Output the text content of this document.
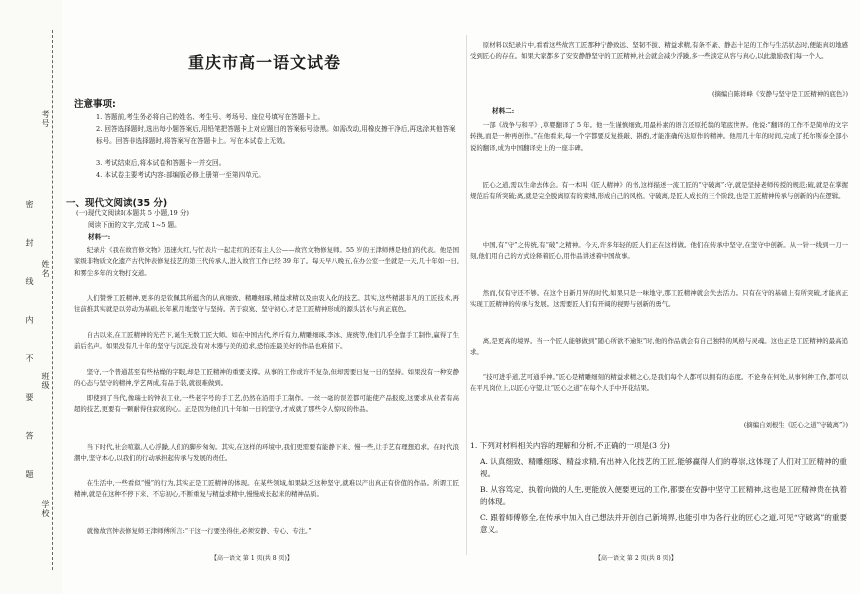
考号
姓名
班级
学校
密 封 线 内 不 要 答 题
重庆市高一语文试卷
注意事项:
1. 答题前,考生务必将自己的姓名、考生号、考场号、座位号填写在答题卡上。
2. 回答选择题时,选出每小题答案后,用铅笔把答题卡上对应题目的答案标号涂黑。如需改动,用橡皮擦干净后,再选涂其他答案标号。回答非选择题时,将答案写在答题卡上。写在本试卷上无效。
3. 考试结束后,将本试卷和答题卡一并交回。
4. 本试卷主要考试内容:部编版必修上册第一至第四单元。
一、现代文阅读(35 分)
(一)现代文阅读Ⅰ(本题共 5 小题,19 分)
阅读下面的文字,完成 1~5 题。
材料一:

纪录片《我在故宫修文物》迅速火红,与忙表片一起走红的还有主人公——故宫文物修复师。55 岁的王津师傅是他们的代表。他是国家级非物质文化遗产古代钟表修复技艺的第三代传承人,进入故宫工作已经 39 年了。每天早八晚五,在办公室一坐就是一天,几十年如一日,和雾尘多年的文物打交道。

人们赞誉工匠精神,更多的是钦佩其所蕴含的认真细致、精雕细琢,精益求精以及由衷入化的技艺。其实,这些精湛非凡的工匠技术,再往前推其实就是以劳动为基础,长年累月地坚守与坚持。苦于寂寞、坚守初心,才是工匠精神形成的源头活水与真正底色。

自古以来,在工匠精神的光芒下,诞生无数工匠大师。如在中国古代,斧斤有力,精雕细琢,李冰、庞统等,他们几乎全靠手工制作,赢得了生前后名声。如果没有几十年的坚守与沉淀,没有对木器与美的追求,恐怕连最美好的作品也难留下。

坚守,一个普通甚至有些枯燥的字眼,却是工匠精神的重要支撑。从事的工作或许不复杂,但却需要日复一日的坚持。如果没有一种安静的心态与坚守的精神,学艺两成,有品于装,就很难做到。

即使到了当代,像瑞士的钟表工业,一些老字号的手工艺,仍然在沿用手工制作。一丝一毫的误差都可能使产品报废,这要求从业者有高超的技艺,更要有一颗耐得住寂寞的心。正是因为他们几十年如一日的坚守,才成就了那些令人惊叹的作品。

当下时代,社会喧嚣,人心浮躁,人们的脚步匆匆。其实,在这样的环境中,我们更需要有能静下来、慢一些,让手艺有理想追求。在时代浪潮中,坚守本心,以我们的行动承担起传承与发展的责任。

在生活中,一些看似“慢”的行为,其实正是工匠精神的体现。在某些领域,如果缺乏这种坚守,就难以产出真正有价值的作品。所谓工匠精神,就是在这种不停下来、不忘初心,不断重复与精益求精中,慢慢成长起来的精神品质。

就像故宫钟表修复师王津师傅所言:“干这一行要坐得住,必须安静、专心、专注。”

【高一语文 第 1 页(共 8 页)】

原材料以纪录片中,看看这些故宫工匠那种宁静致远、坚韧不拔、精益求精,有条不紊、静态十足的工作与生活状态时,便能真切地感受到匠心的存在。如果大家都多了安安静静坚守的工匠精神,社会就会减少浮躁,多一些淡定从容与真心,以此激励我们每一个人。

(摘编自陈祥峰《安静与坚守是工匠精神的底色》)

材料二:

一部《战争与和平》,草婴翻译了 5 年。他一生谨慎细致,用最朴素的语言还原托翁的笔底世界。他说:“翻译的工作不是简单的文字转换,而是一种再创作。”在他看来,每一个字都要反复推敲、斟酌,才能准确传达原作的精神。他用几十年的时间,完成了托尔斯泰全部小说的翻译,成为中国翻译史上的一座丰碑。

匠心之道,需以生命去体会。有一本叫《匠人精神》的书,这样描述一流工匠的“守破离”:守,就是坚持老师传授的规范;破,就是在掌握规范后有所突破;离,就是完全脱离原有的束缚,形成自己的风格。守破离,是匠人成长的三个阶段,也是工匠精神传承与创新的内在逻辑。

中国,有“守”之传统,有“破”之精神。今天,许多年轻的匠人们正在这样做。他们在传承中坚守,在坚守中创新。从一针一线到一刀一刻,他们用自己的方式诠释着匠心,用作品讲述着中国故事。

然而,仅有守还不够。在这个日新月异的时代,如果只是一味地守,那工匠精神就会失去活力。只有在守的基础上有所突破,才能真正实现工匠精神的传承与发展。这需要匠人们有开阔的视野与创新的勇气。

离,是更高的境界。当一个匠人能够做到“随心所欲不逾矩”时,他的作品就会有自己独特的风格与灵魂。这也正是工匠精神的最高追求。

“技可进乎道,艺可通乎神。”匠心是精雕细刻的精益求精之心,是我们每个人都可以拥有的态度。不论身在何处,从事何种工作,都可以在平凡岗位上,以匠心守望,让“匠心之道”在每个人手中开花结果。

(摘编自刘根生《匠心之道“守破离”》)

1. 下列对材料相关内容的理解和分析,不正确的一项是(3 分)

A. 认真细致、精雕细琢、精益求精,有出神入化技艺的工匠,能够赢得人们的尊崇,这体现了人们对工匠精神的重视。

B. 从容笃定、执着向做的人生,更能放入便要更远的工作,都要在安静中坚守工匠精神,这也是工匠精神贵在执着的体现。

C. 跟着师傅修全,在传承中加入自己想法并开创自己新境界,也能引申为各行业的匠心之道,可见“守破离”的重要意义。

【高一语文 第 2 页(共 8 页)】
